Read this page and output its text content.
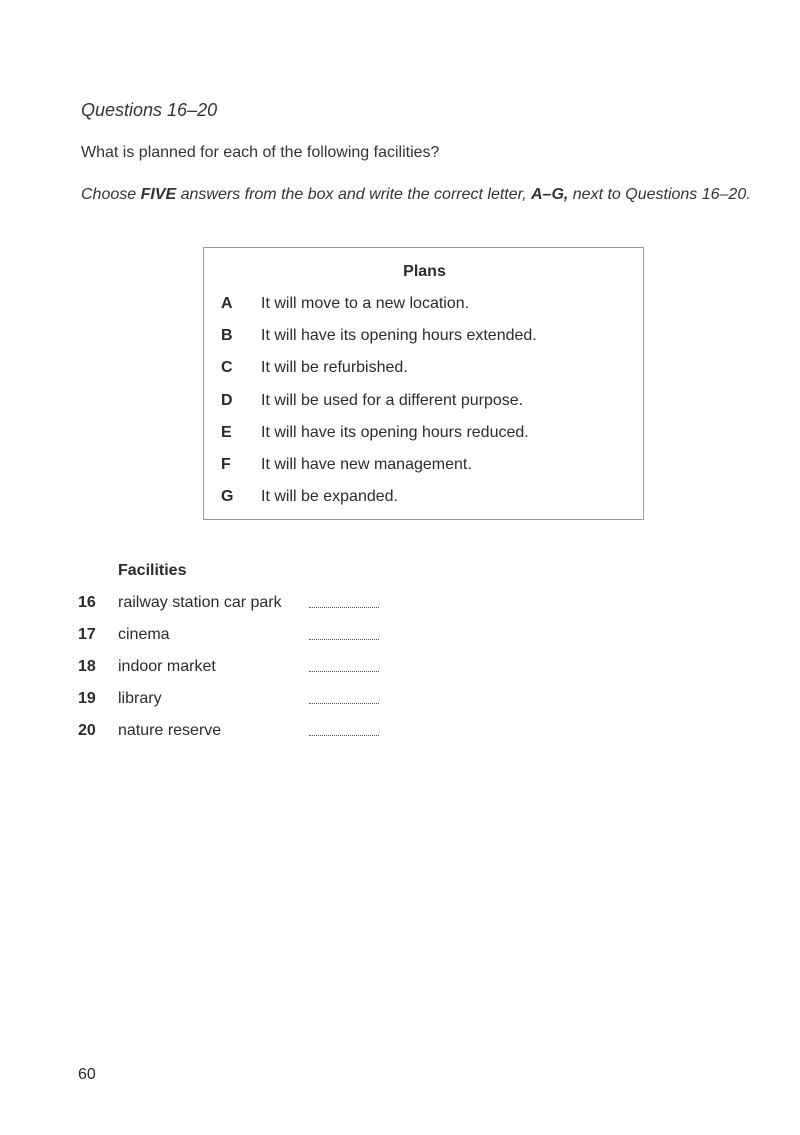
Questions 16–20
What is planned for each of the following facilities?
Choose FIVE answers from the box and write the correct letter, A–G, next to Questions 16–20.
Plans
A	It will move to a new location.
B	It will have its opening hours extended.
C	It will be refurbished.
D	It will be used for a different purpose.
E	It will have its opening hours reduced.
F	It will have new management.
G	It will be expanded.
Facilities
16 railway station car park
17 cinema
18 indoor market
19 library
20 nature reserve
60
